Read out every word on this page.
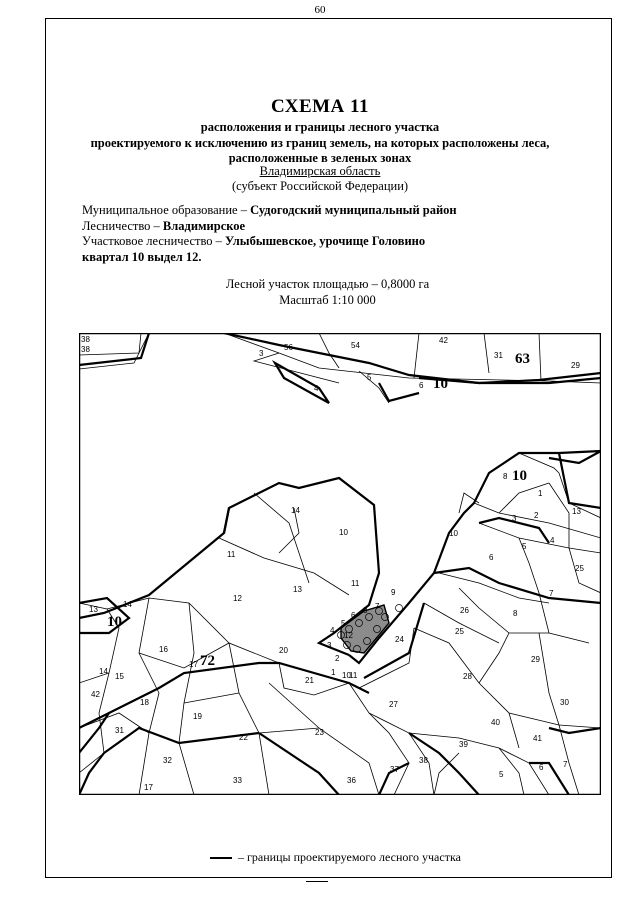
60
СХЕМА 11
расположения и границы лесного участка
проектируемого к исключению из границ земель, на которых расположены леса,
расположенные в зеленых зонах
Владимирская область
(субъект Российской Федерации)
Муниципальное образование – Судогодский муниципальный район
Лесничество – Владимирское
Участковое лесничество – Улыбышевское, урочище Головино
квартал 10 выдел 12.
Лесной участок площадью – 0,8000 га
Масштаб 1:10 000
38
38	3
56	54
42
31
29
4
5
6
8
1
2
3
4
5
13
25
14
10
11
12
13
11
10
9
7
8
6
5
4
3
2
1
12
10
11
24
26
25
6
7
8
13
14
16
17
20
21
15
14
42
18
19
22
23
27
28
29
30
31
32
33	36
37
38
39
40
41
5
6 7
17
63
10
10
10
72
– границы проектируемого лесного участка
